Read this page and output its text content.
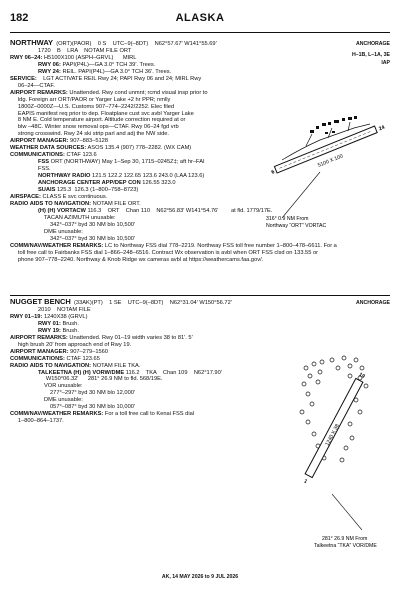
182	ALASKA
NORTHWAY (ORT)(PAOR)    0 S    UTC–9(–8DT)    N62°57.67′ W141°55.69′
1720    B    LRA    NOTAM FILE ORT
RWY 06–24: H5100X100 (ASPH–GRVL)      MIRL
RWY 06: PAPI(P4L)—GA 3.0° TCH 39′. Trees.
RWY 24: REIL. PAPI(P4L)—GA 3.0° TCH 36′. Trees.
SERVICE:    LGT ACTIVATE REIL Rwy 24; PAPI Rwy 06 and 24; MIRL Rwy
06–24—CTAF.
AIRPORT REMARKS: Unattended. Rwy cond unmnt; rcmd visual insp prior to
ldg. Foreign arr ORT/PAOR or Yarger Lake +2 hr PPR; nmlly
1800Z–0000Z—U.S. Customs 907–774–2242/2252. Elec filed
EAPIS manifest req prior to dep. Floatplane cust svc avbl Yarger Lake
8 NM E. Cold temperature airport. Altitude correction required at or
blw –48C. Winter snow removal ops—CTAF. Rwy 06–24 fgd vrb
strong crosswind. Rwy 24 ski strip parl and adj the NW side.
AIRPORT MANAGER: 907–883–5128
WEATHER DATA SOURCES: ASOS 135.4 (907) 778–2282. (WX CAM)
COMMUNICATIONS: CTAF 123.6
FSS ORT (NORTHWAY) May 1–Sep 30, 1715–0245Z‡; aft hr–FAI
FSS.
NORTHWAY RADIO 121.5 122.2 122.65 123.6 243.0 (LAA 123.6)
ANCHORAGE CENTER APP/DEP CON 126.55 323.0
SUAIS 125.3  126.3 (1–800–758–8723)
AIRSPACE: CLASS E svc continuous.
RADIO AIDS TO NAVIGATION: NOTAM FILE ORT.
(H) (H) VORTACW 116.3    ORT    Chan 110    N62°56.83′ W141°54.76′        at fld. 1779/17E.
TACAN AZIMUTH unusable:
342°–037° byd 30 NM blo 10,500′
DME unusable:
342°–037° byd 30 NM blo 10,500′
COMM/NAV/WEATHER REMARKS: LC to Northway FSS dial 778–2219. Northway FSS toll free number 1–800–478–6611. For a
toll free call to Fairbanks FSS dial 1–866–248–6516. Contract Wx observation is avbl when ORT FSS clsd on 133.55 or
phone 907–778–2240. Northway & Knob Ridge wx cameras avbl at https://weathercams.faa.gov/.
ANCHORAGE
H–1B, L–1A, 3E
IAP
5100 X 100
6
24
316° 0.9 NM From
Northway “ORT” VORTAC
NUGGET BENCH (33AK)(PT)    1 SE    UTC–9(–8DT)    N62°31.04′ W150°56.72′
2010    NOTAM FILE
RWY 01–19: 1240X38 (GRVL)
RWY 01: Brush.
RWY 19: Brush.
AIRPORT REMARKS: Unattended. Rwy 01–19 width varies 38 to 81′. 5′
high brush 20′ from approach end of Rwy 19.
AIRPORT MANAGER: 907–279–1560
COMMUNICATIONS: CTAF 123.65
RADIO AIDS TO NAVIGATION: NOTAM FILE TKA.
TALKEETNA (H) (H) VORW/DME 116.2    TKA    Chan 109    N62°17.90′
W150°06.32′      281° 26.9 NM to fld. 568/19E.
VOR unusable:
277°–297° byd 30 NM blo 12,000′
DME unusable:
057°–087° byd 30 NM blo 10,000′
COMM/NAV/WEATHER REMARKS: For a toll free call to Kenai FSS dial
1–800–864–1737.
ANCHORAGE
19
1
1240 X 38
281° 26.9 NM From
Talkeetna “TKA” VOR/DME
AK, 14 MAY 2026 to 9 JUL 2026
